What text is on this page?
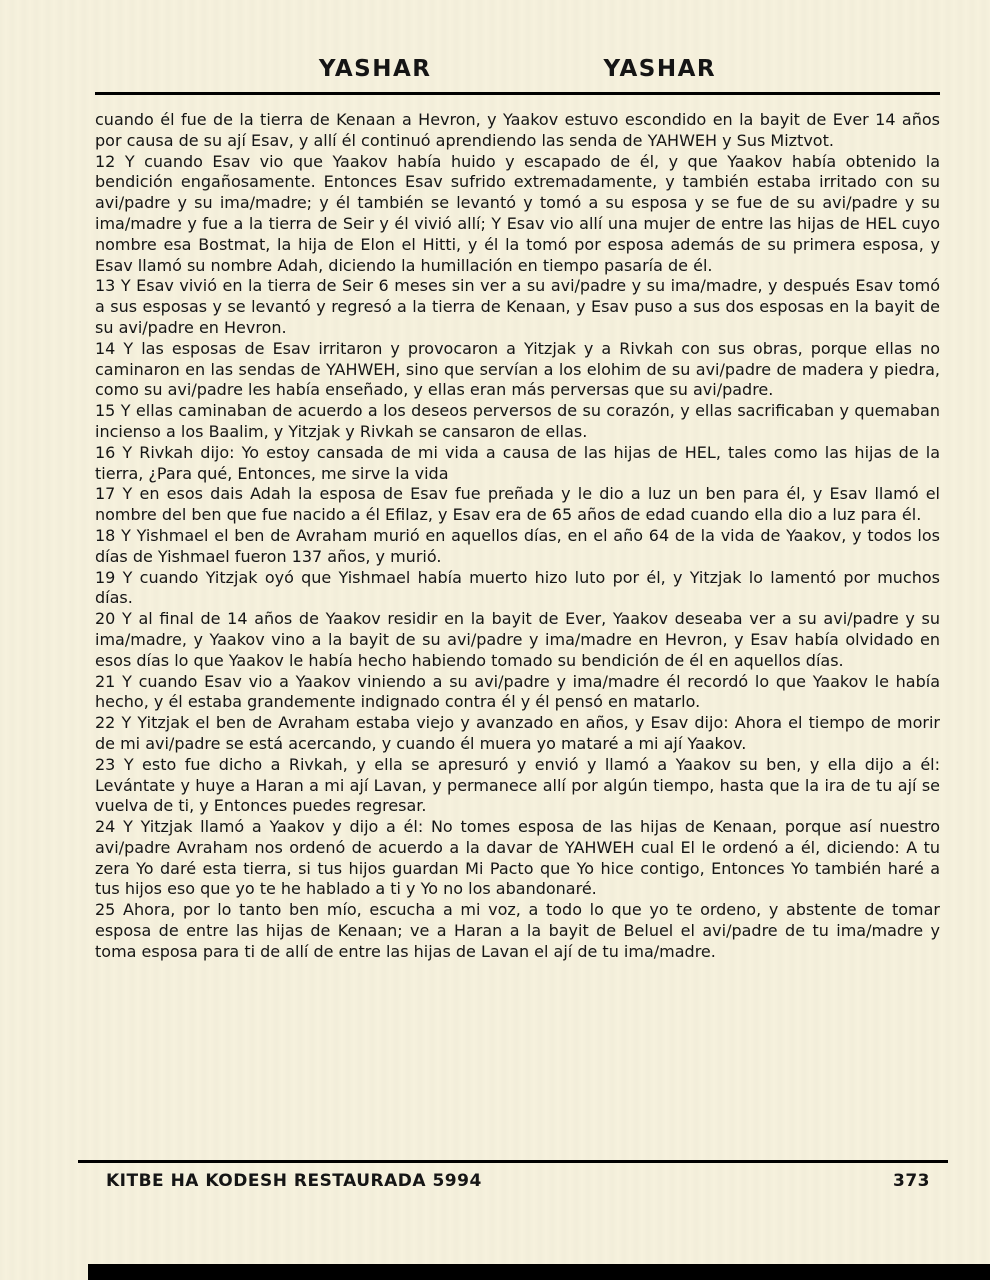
YASHAR	YASHAR

cuando él fue de la tierra de Kenaan a Hevron, y Yaakov estuvo escondido en la bayit de Ever 14 años por causa de su ají Esav, y allí él continuó aprendiendo las senda de YAHWEH y Sus Miztvot.

12 Y cuando Esav vio que Yaakov había huido y escapado de él, y que Yaakov había obtenido la bendición engañosamente. Entonces Esav sufrido extremadamente, y también estaba irritado con su avi/padre y su ima/madre; y él también se levantó y tomó a su esposa y se fue de su avi/padre y su ima/madre y fue a la tierra de Seir y él vivió allí; Y Esav vio allí una mujer de entre las hijas de HEL cuyo nombre esa Bostmat, la hija de Elon el Hitti, y él la tomó por esposa además de su primera esposa, y Esav llamó su nombre Adah, diciendo la humillación en tiempo pasaría de él.

13 Y Esav vivió en la tierra de Seir 6 meses sin ver a su avi/padre y su ima/madre, y después Esav tomó a sus esposas y se levantó y regresó a la tierra de Kenaan, y Esav puso a sus dos esposas en la bayit de su avi/padre en Hevron.

14 Y las esposas de Esav irritaron y provocaron a Yitzjak y a Rivkah con sus obras, porque ellas no caminaron en las sendas de YAHWEH, sino que servían a los elohim de su avi/padre de madera y piedra, como su avi/padre les había enseñado, y ellas eran más perversas que su avi/padre.

15 Y ellas caminaban de acuerdo a los deseos perversos de su corazón, y ellas sacrificaban y quemaban incienso a los Baalim, y Yitzjak y Rivkah se cansaron de ellas.

16 Y Rivkah dijo: Yo estoy cansada de mi vida a causa de las hijas de HEL, tales como las hijas de la tierra, ¿Para qué, Entonces, me sirve la vida

17 Y en esos dais Adah la esposa de Esav fue preñada y le dio a luz un ben para él, y Esav llamó el nombre del ben que fue nacido a él Efilaz, y Esav era de 65 años de edad cuando ella dio a luz para él.

18 Y Yishmael el ben de Avraham murió en aquellos días, en el año 64 de la vida de Yaakov, y todos los días de Yishmael fueron 137 años, y murió.

19 Y cuando Yitzjak oyó que Yishmael había muerto hizo luto por él, y Yitzjak lo lamentó por muchos días.

20 Y al final de 14 años de Yaakov residir en la bayit de Ever, Yaakov deseaba ver a su avi/padre y su ima/madre, y Yaakov vino a la bayit de su avi/padre y ima/madre en Hevron, y Esav había olvidado en esos días lo que Yaakov le había hecho habiendo tomado su bendición de él en aquellos días.

21 Y cuando Esav vio a Yaakov viniendo a su avi/padre y ima/madre él recordó lo que Yaakov le había hecho, y él estaba grandemente indignado contra él y él pensó en matarlo.

22 Y Yitzjak el ben de Avraham estaba viejo y avanzado en años, y Esav dijo: Ahora el tiempo de morir de mi avi/padre se está acercando, y cuando él muera yo mataré a mi ají Yaakov.

23 Y esto fue dicho a Rivkah, y ella se apresuró y envió y llamó a Yaakov su ben, y ella dijo a él: Levántate y huye a Haran a mi ají Lavan, y permanece allí por algún tiempo, hasta que la ira de tu ají se vuelva de ti, y Entonces puedes regresar.

24 Y Yitzjak llamó a Yaakov y dijo a él: No tomes esposa de las hijas de Kenaan, porque así nuestro avi/padre Avraham nos ordenó de acuerdo a la davar de YAHWEH cual El le ordenó a él, diciendo: A tu zera Yo daré esta tierra, si tus hijos guardan Mi Pacto que Yo hice contigo, Entonces Yo también haré a tus hijos eso que yo te he hablado a ti y Yo no los abandonaré.

25 Ahora, por lo tanto ben mío, escucha a mi voz, a todo lo que yo te ordeno, y abstente de tomar esposa de entre las hijas de Kenaan; ve a Haran a la bayit de Beluel el avi/padre de tu ima/madre y toma esposa para ti de allí de entre las hijas de Lavan el ají de tu ima/madre.

KITBE HA KODESH RESTAURADA 5994	373
